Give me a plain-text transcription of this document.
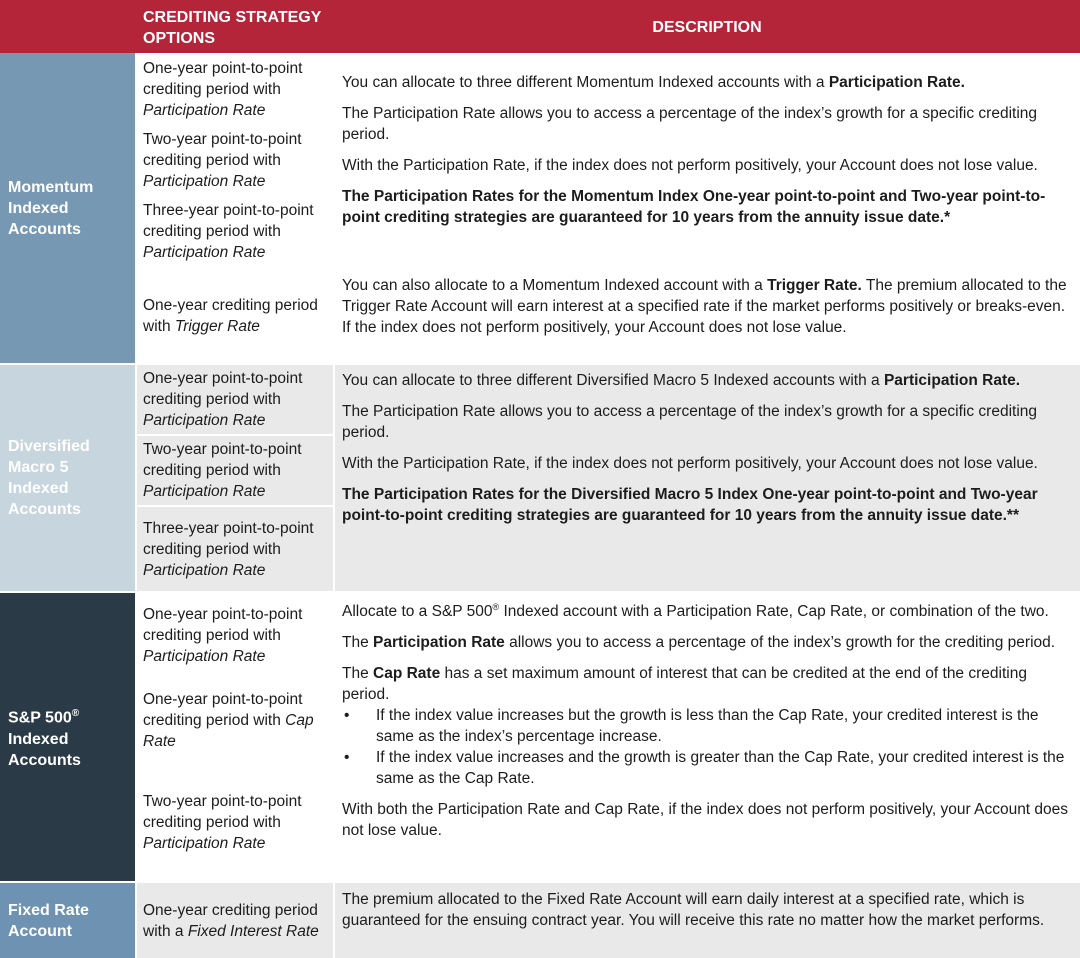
CREDITING STRATEGY
OPTIONS
DESCRIPTION
Momentum Indexed Accounts
One-year point-to-point crediting period with Participation Rate
Two-year point-to-point crediting period with Participation Rate
Three-year point-to-point crediting period with Participation Rate
One-year crediting period with Trigger Rate

You can allocate to three different Momentum Indexed accounts with a Participation Rate.

The Participation Rate allows you to access a percentage of the index’s growth for a specific crediting period.

With the Participation Rate, if the index does not perform positively, your Account does not lose value.

The Participation Rates for the Momentum Index One-year point-to-point and Two-year point-to-point crediting strategies are guaranteed for 10 years from the annuity issue date.*

You can also allocate to a Momentum Indexed account with a Trigger Rate. The premium allocated to the Trigger Rate Account will earn interest at a specified rate if the market performs positively or breaks-even. If the index does not perform positively, your Account does not lose value.

Diversified Macro 5 Indexed Accounts
One-year point-to-point crediting period with Participation Rate
Two-year point-to-point crediting period with Participation Rate
Three-year point-to-point crediting period with Participation Rate

You can allocate to three different Diversified Macro 5 Indexed accounts with a Participation Rate.

The Participation Rate allows you to access a percentage of the index’s growth for a specific crediting period.

With the Participation Rate, if the index does not perform positively, your Account does not lose value.

The Participation Rates for the Diversified Macro 5 Index One-year point-to-point and Two-year point-to-point crediting strategies are guaranteed for 10 years from the annuity issue date.**

S&P 500®
Indexed Accounts
One-year point-to-point crediting period with Participation Rate
One-year point-to-point crediting period with Cap Rate
Two-year point-to-point crediting period with Participation Rate

Allocate to a S&P 500® Indexed account with a Participation Rate, Cap Rate, or combination of the two.

The Participation Rate allows you to access a percentage of the index’s growth for the crediting period.

The Cap Rate has a set maximum amount of interest that can be credited at the end of the crediting period.

•	If the index value increases but the growth is less than the Cap Rate, your credited interest is the same as the index’s percentage increase.
•	If the index value increases and the growth is greater than the Cap Rate, your credited interest is the same as the Cap Rate.

With both the Participation Rate and Cap Rate, if the index does not perform positively, your Account does not lose value.

Fixed Rate Account
One-year crediting period with a Fixed Interest Rate

The premium allocated to the Fixed Rate Account will earn daily interest at a specified rate, which is guaranteed for the ensuing contract year. You will receive this rate no matter how the market performs.
